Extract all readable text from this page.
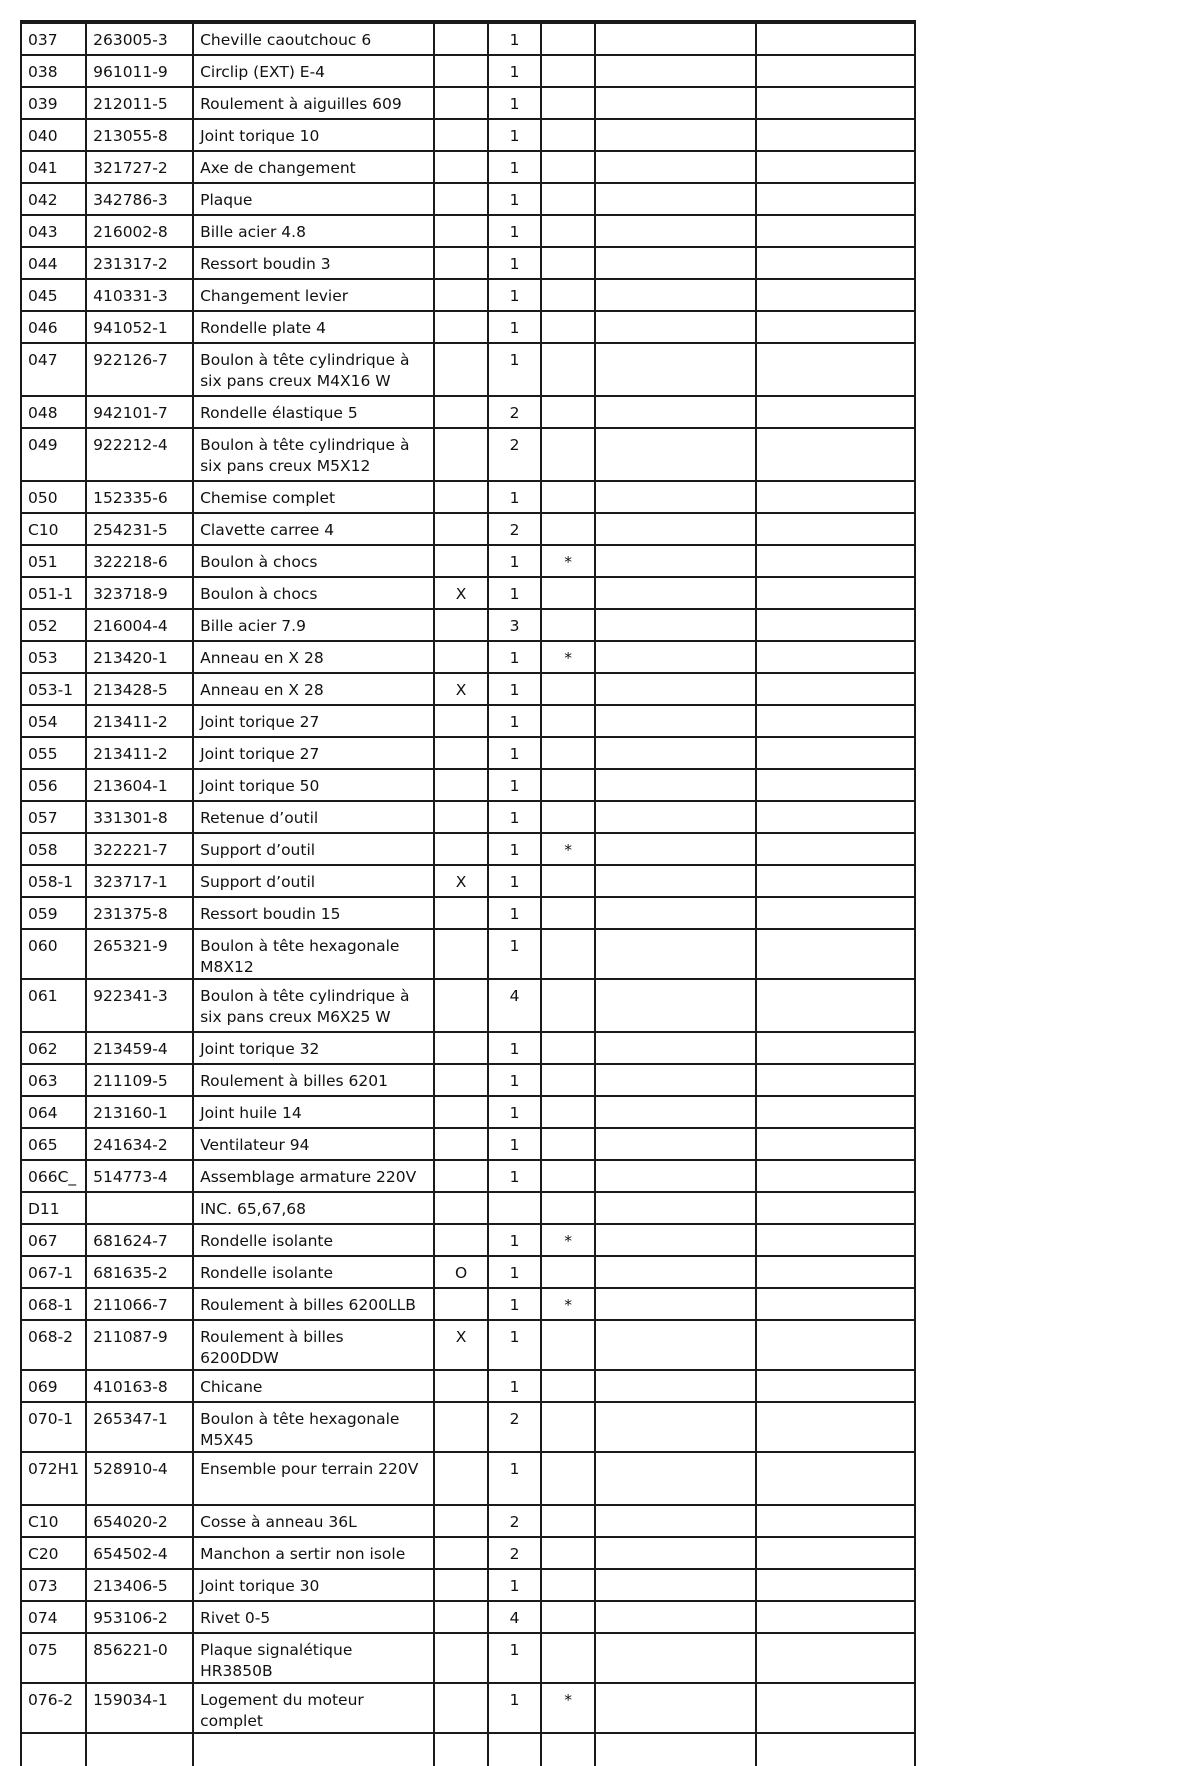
037	263005-3	Cheville caoutchouc 6		1			
038	961011-9	Circlip (EXT) E-4		1			
039	212011-5	Roulement à aiguilles 609		1			
040	213055-8	Joint torique 10		1			
041	321727-2	Axe de changement		1			
042	342786-3	Plaque		1			
043	216002-8	Bille acier 4.8		1			
044	231317-2	Ressort boudin 3		1			
045	410331-3	Changement levier		1			
046	941052-1	Rondelle plate 4		1			
047	922126-7	Boulon à tête cylindrique à six pans creux M4X16 W		1			
048	942101-7	Rondelle élastique 5		2			
049	922212-4	Boulon à tête cylindrique à six pans creux M5X12		2			
050	152335-6	Chemise complet		1			
C10	254231-5	Clavette carree 4		2			
051	322218-6	Boulon à chocs		1	*		
051-1	323718-9	Boulon à chocs	X	1			
052	216004-4	Bille acier 7.9		3			
053	213420-1	Anneau en X 28		1	*		
053-1	213428-5	Anneau en X 28	X	1			
054	213411-2	Joint torique 27		1			
055	213411-2	Joint torique 27		1			
056	213604-1	Joint torique 50		1			
057	331301-8	Retenue d’outil		1			
058	322221-7	Support d’outil		1	*		
058-1	323717-1	Support d’outil	X	1			
059	231375-8	Ressort boudin 15		1			
060	265321-9	Boulon à tête hexagonale M8X12		1			
061	922341-3	Boulon à tête cylindrique à six pans creux M6X25 W		4			
062	213459-4	Joint torique 32		1			
063	211109-5	Roulement à billes 6201		1			
064	213160-1	Joint huile 14		1			
065	241634-2	Ventilateur 94		1			
066C_	514773-4	Assemblage armature 220V		1			
D11		INC. 65,67,68					
067	681624-7	Rondelle isolante		1	*		
067-1	681635-2	Rondelle isolante	O	1			
068-1	211066-7	Roulement à billes 6200LLB		1	*		
068-2	211087-9	Roulement à billes 6200DDW	X	1			
069	410163-8	Chicane		1			
070-1	265347-1	Boulon à tête hexagonale M5X45		2			
072H1	528910-4	Ensemble pour terrain 220V		1			
C10	654020-2	Cosse à anneau 36L		2			
C20	654502-4	Manchon a sertir non isole		2			
073	213406-5	Joint torique 30		1			
074	953106-2	Rivet 0-5		4			
075	856221-0	Plaque signalétique HR3850B		1			
076-2	159034-1	Logement du moteur complet		1	*		
